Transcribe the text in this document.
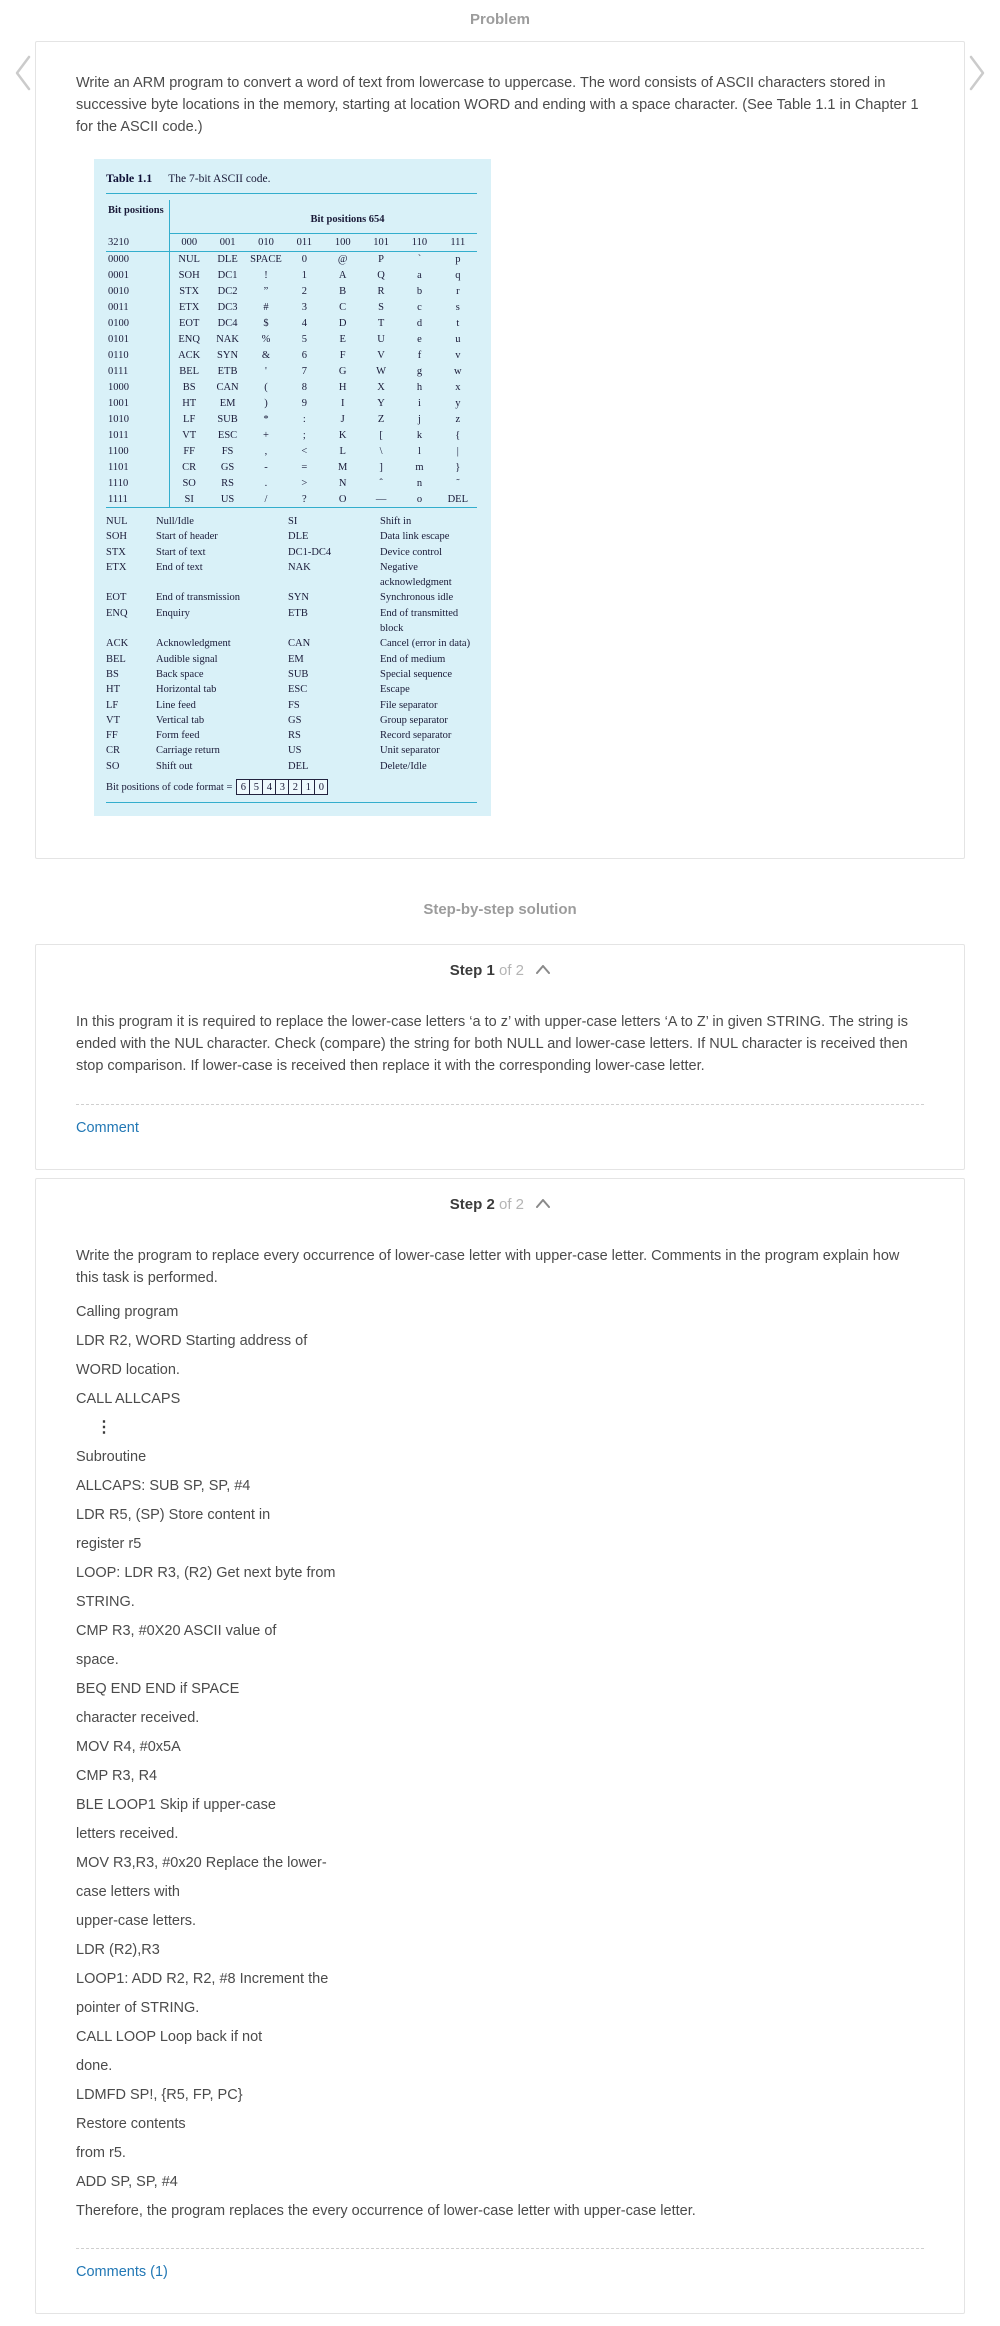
Problem

Write an ARM program to convert a word of text from lowercase to uppercase. The word consists of ASCII characters stored in successive byte locations in the memory, starting at location WORD and ending with a space character. (See Table 1.1 in Chapter 1 for the ASCII code.)

Table 1.1 The 7-bit ASCII code.
Bit positions
Bit positions 654
3210	000	001	010	011	100	101	110	111
0000	NUL	DLE	SPACE	0	@	P	`	p
0001	SOH	DC1	!	1	A	Q	a	q
0010	STX	DC2	”	2	B	R	b	r
0011	ETX	DC3	#	3	C	S	c	s
0100	EOT	DC4	$	4	D	T	d	t
0101	ENQ	NAK	%	5	E	U	e	u
0110	ACK	SYN	&	6	F	V	f	v
0111	BEL	ETB	'	7	G	W	g	w
1000	BS	CAN	(	8	H	X	h	x
1001	HT	EM	)	9	I	Y	i	y
1010	LF	SUB	*	:	J	Z	j	z
1011	VT	ESC	+	;	K	[	k	{
1100	FF	FS	,	<	L	\	l	|
1101	CR	GS	-	=	M	]	m	}
1110	SO	RS	.	>	N	ˆ	n	˜
1111	SI	US	/	?	O	—	o	DEL
NUL	Null/Idle	SI	Shift in
SOH	Start of header	DLE	Data link escape
STX	Start of text	DC1-DC4	Device control
ETX	End of text	NAK	Negative acknowledgment
EOT	End of transmission	SYN	Synchronous idle
ENQ	Enquiry	ETB	End of transmitted block
ACK	Acknowledgment	CAN	Cancel (error in data)
BEL	Audible signal	EM	End of medium
BS	Back space	SUB	Special sequence
HT	Horizontal tab	ESC	Escape
LF	Line feed	FS	File separator
VT	Vertical tab	GS	Group separator
FF	Form feed	RS	Record separator
CR	Carriage return	US	Unit separator
SO	Shift out	DEL	Delete/Idle
Bit positions of code format = 6 5 4 3 2 1 0
Step-by-step solution
Step 1 of 2

In this program it is required to replace the lower-case letters ‘a to z’ with upper-case letters ‘A to Z’ in given STRING. The string is ended with the NUL character. Check (compare) the string for both NULL and lower-case letters. If NUL character is received then stop comparison. If lower-case is received then replace it with the corresponding lower-case letter.

Comment
Step 2 of 2

Write the program to replace every occurrence of lower-case letter with upper-case letter. Comments in the program explain how this task is performed.

Calling program

LDR R2, WORD Starting address of

WORD location.

CALL ALLCAPS

⋮

Subroutine

ALLCAPS: SUB SP, SP, #4

LDR R5, (SP) Store content in

register r5

LOOP: LDR R3, (R2) Get next byte from

STRING.

CMP R3, #0X20 ASCII value of

space.

BEQ END END if SPACE

character received.

MOV R4, #0x5A

CMP R3, R4

BLE LOOP1 Skip if upper-case

letters received.

MOV R3,R3, #0x20 Replace the lower-

case letters with

upper-case letters.

LDR (R2),R3

LOOP1: ADD R2, R2, #8 Increment the

pointer of STRING.

CALL LOOP Loop back if not

done.

LDMFD SP!, {R5, FP, PC}

Restore contents

from r5.

ADD SP, SP, #4

Therefore, the program replaces the every occurrence of lower-case letter with upper-case letter.

Comments (1)
